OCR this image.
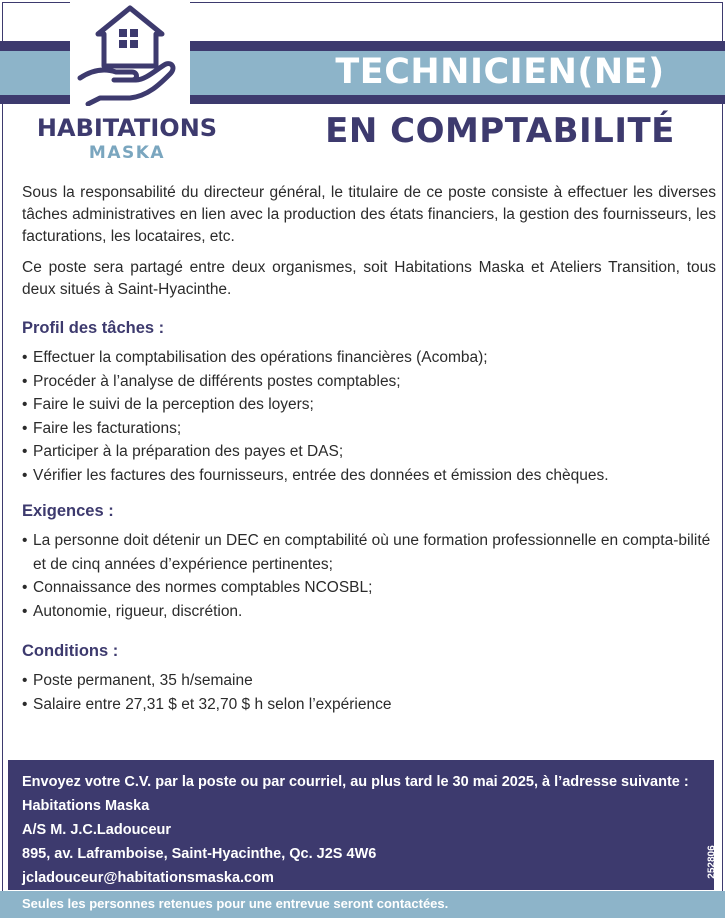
TECHNICIEN(NE)
EN COMPTABILITÉ
HABITATIONS
MASKA

Sous la responsabilité du directeur général, le titulaire de ce poste consiste à effectuer les diverses tâches administratives en lien avec la production des états financiers, la gestion des fournisseurs, les facturations, les locataires, etc.

Ce poste sera partagé entre deux organismes, soit Habitations Maska et Ateliers Transition, tous deux situés à Saint-Hyacinthe.

Profil des tâches :
• Effectuer la comptabilisation des opérations financières (Acomba);
• Procéder à l’analyse de différents postes comptables;
• Faire le suivi de la perception des loyers;
• Faire les facturations;
• Participer à la préparation des payes et DAS;
• Vérifier les factures des fournisseurs, entrée des données et émission des chèques.
Exigences :
• La personne doit détenir un DEC en comptabilité où une formation professionnelle en compta-bilité et de cinq années d’expérience pertinentes;
• Connaissance des normes comptables NCOSBL;
• Autonomie, rigueur, discrétion.
Conditions :
• Poste permanent, 35 h/semaine
• Salaire entre 27,31 $ et 32,70 $ h selon l’expérience
Envoyez votre C.V. par la poste ou par courriel, au plus tard le 30 mai 2025, à l’adresse suivante :
Habitations Maska
A/S M. J.C.Ladouceur
895, av. Laframboise, Saint-Hyacinthe, Qc. J2S 4W6
jcladouceur@habitationsmaska.com	252806
Seules les personnes retenues pour une entrevue seront contactées.
